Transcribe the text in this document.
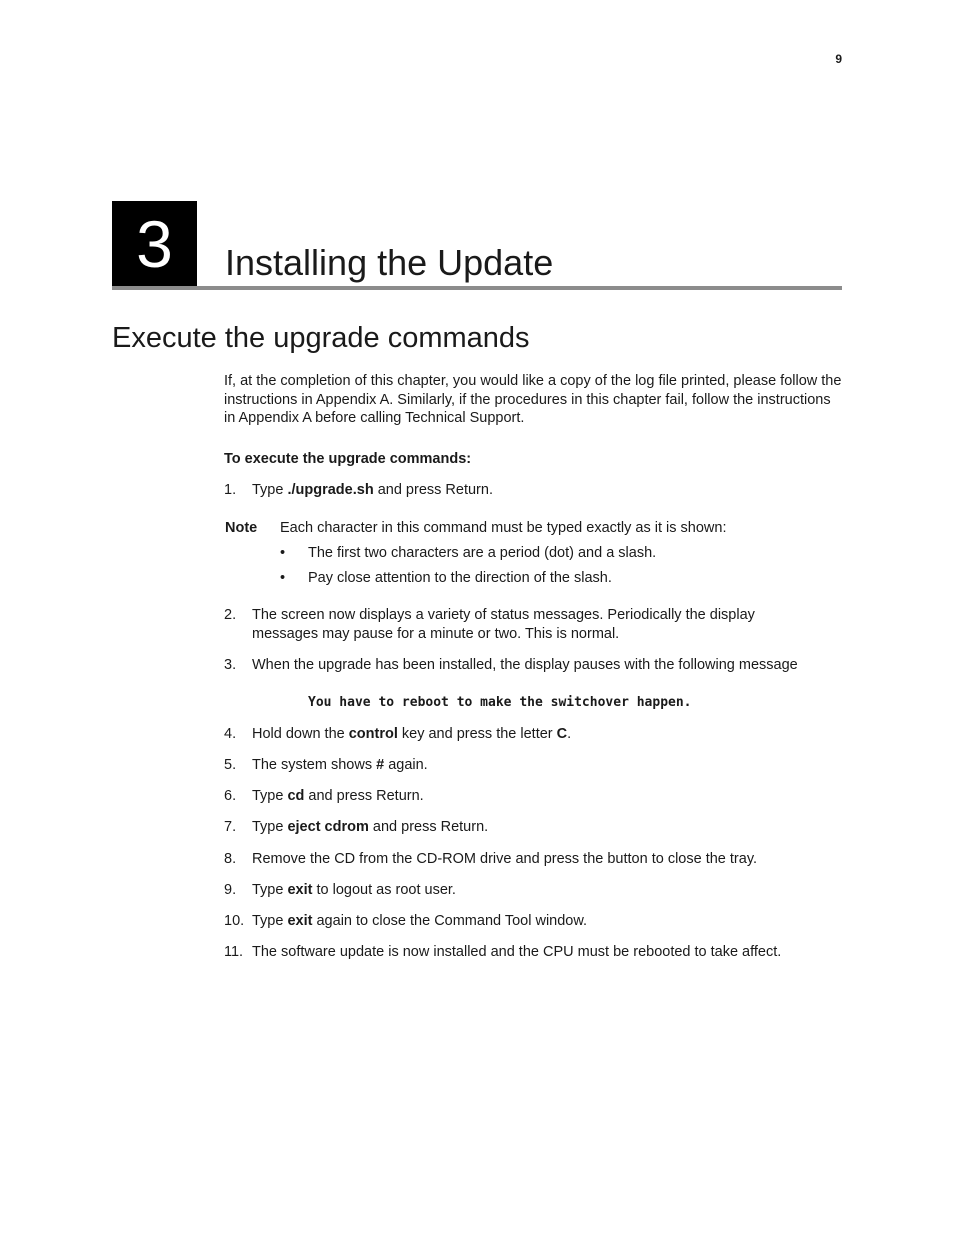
9
3	Installing the Update
Execute the upgrade commands

If, at the completion of this chapter, you would like a copy of the log file printed, please follow the instructions in Appendix A. Similarly, if the procedures in this chapter fail, follow the instructions in Appendix A before calling Technical Support.

To execute the upgrade commands:

1. Type ./upgrade.sh and press Return.
Note Each character in this command must be typed exactly as it is shown:
• The first two characters are a period (dot) and a slash.
• Pay close attention to the direction of the slash.
2. The screen now displays a variety of status messages. Periodically the display messages may pause for a minute or two. This is normal.
3. When the upgrade has been installed, the display pauses with the following message
You have to reboot to make the switchover happen.
4. Hold down the control key and press the letter C.
5. The system shows # again.
6. Type cd and press Return.
7. Type eject cdrom and press Return.
8. Remove the CD from the CD-ROM drive and press the button to close the tray.
9. Type exit to logout as root user.
10. Type exit again to close the Command Tool window.
11. The software update is now installed and the CPU must be rebooted to take affect.
